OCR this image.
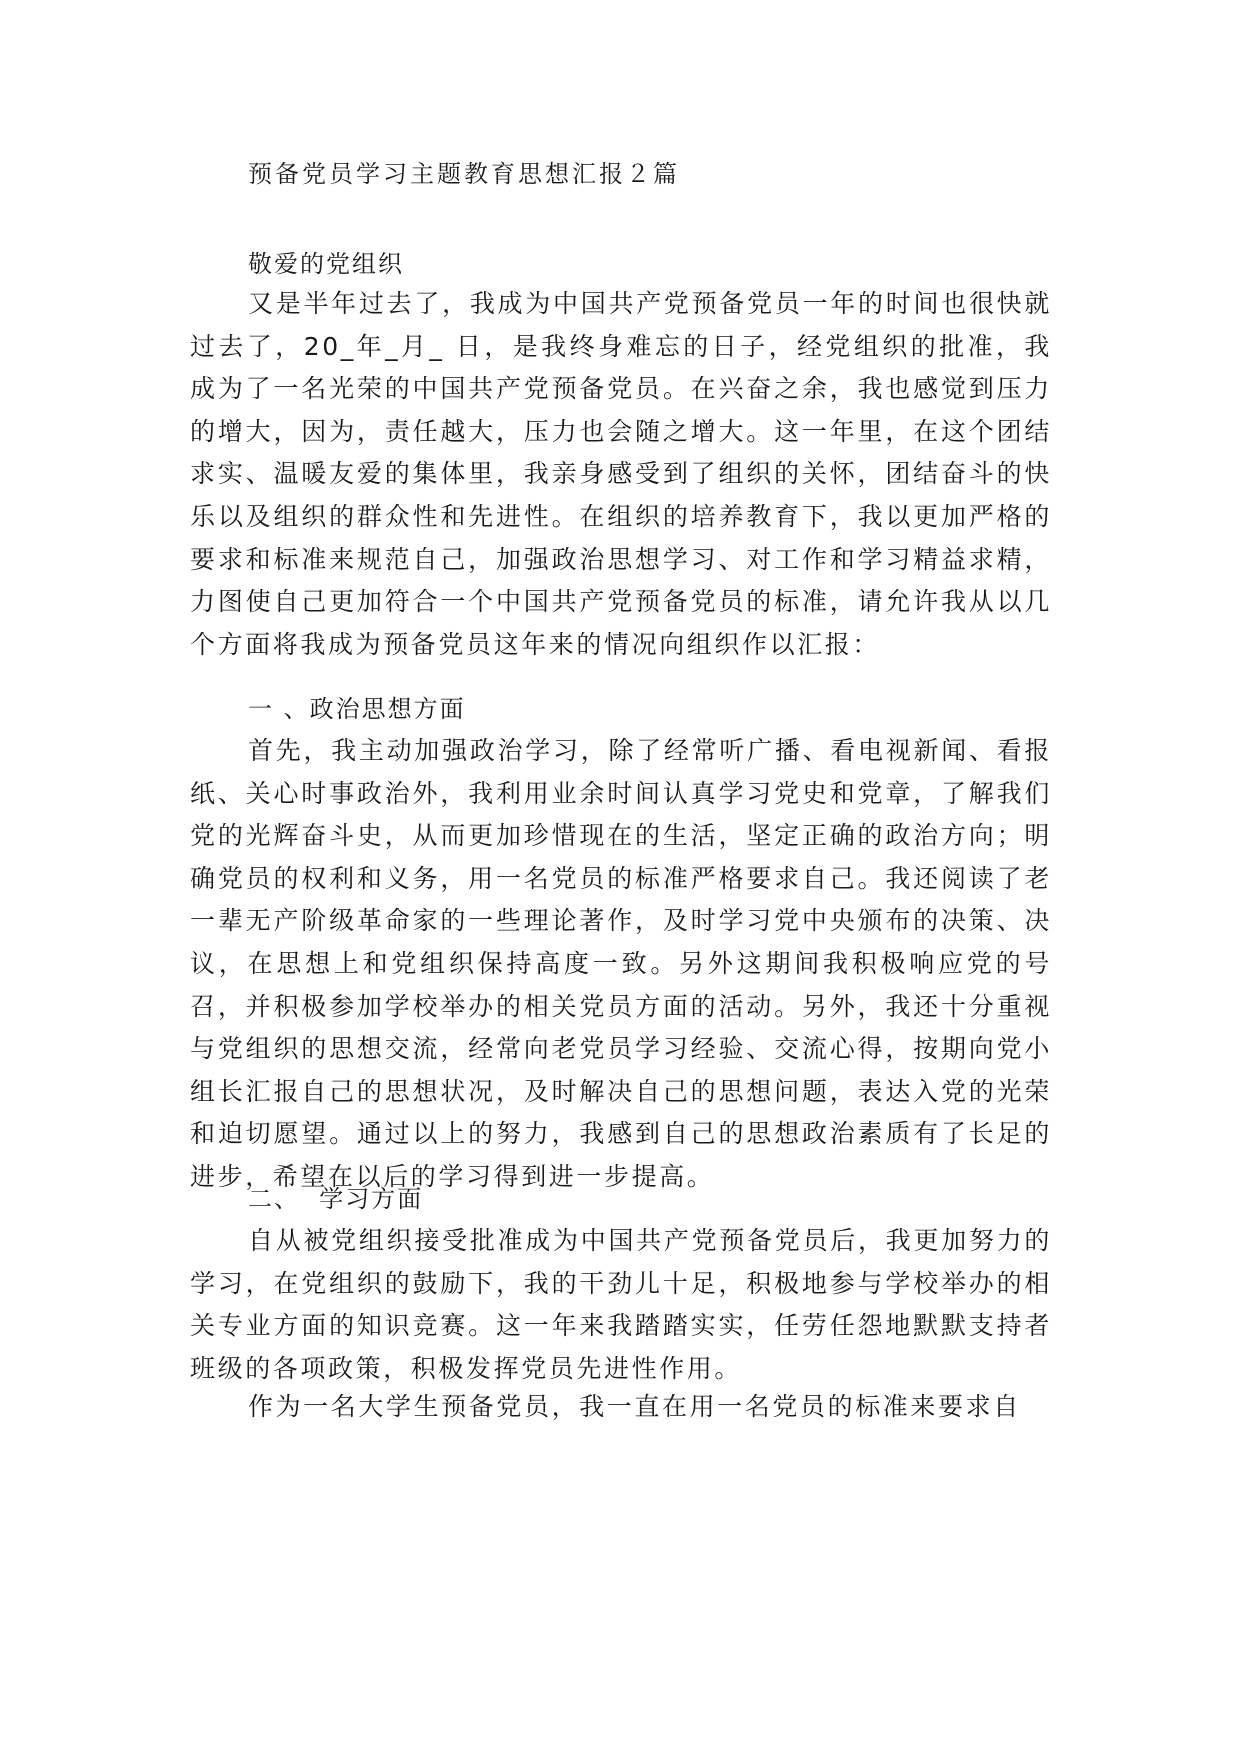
预备党员学习主题教育思想汇报２篇
敬爱的党组织

又是半年过去了，我成为中国共产党预备党员一年的时间也很快就过去了，20_年_月_ 日，是我终身难忘的日子，经党组织的批准，我成为了一名光荣的中国共产党预备党员。在兴奋之余，我也感觉到压力的增大，因为，责任越大，压力也会随之增大。这一年里，在这个团结求实、温暖友爱的集体里，我亲身感受到了组织的关怀，团结奋斗的快乐以及组织的群众性和先进性。在组织的培养教育下，我以更加严格的要求和标准来规范自己，加强政治思想学习、对工作和学习精益求精，力图使自己更加符合一个中国共产党预备党员的标准，请允许我从以几个方面将我成为预备党员这年来的情况向组织作以汇报：

一 、政治思想方面

首先，我主动加强政治学习，除了经常听广播、看电视新闻、看报纸、关心时事政治外，我利用业余时间认真学习党史和党章，了解我们党的光辉奋斗史，从而更加珍惜现在的生活，坚定正确的政治方向；明确党员的权利和义务，用一名党员的标准严格要求自己。我还阅读了老一辈无产阶级革命家的一些理论著作，及时学习党中央颁布的决策、决议，在思想上和党组织保持高度一致。另外这期间我积极响应党的号召，并积极参加学校举办的相关党员方面的活动。另外，我还十分重视与党组织的思想交流，经常向老党员学习经验、交流心得，按期向党小组长汇报自己的思想状况，及时解决自己的思想问题，表达入党的光荣和迫切愿望。通过以上的努力，我感到自己的思想政治素质有了长足的进步，希望在以后的学习得到进一步提高。

二、  学习方面

自从被党组织接受批准成为中国共产党预备党员后，我更加努力的学习，在党组织的鼓励下，我的干劲儿十足，积极地参与学校举办的相关专业方面的知识竞赛。这一年来我踏踏实实，任劳任怨地默默支持者班级的各项政策，积极发挥党员先进性作用。

作为一名大学生预备党员，我一直在用一名党员的标准来要求自
